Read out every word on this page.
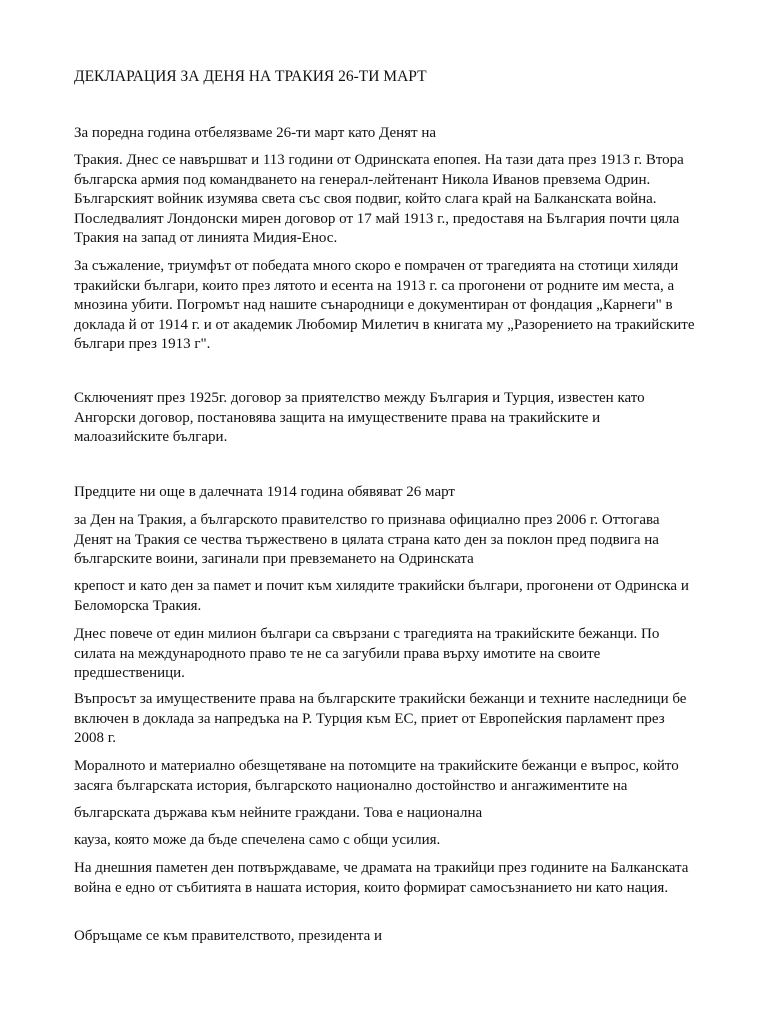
ДЕКЛАРАЦИЯ ЗА ДЕНЯ НА ТРАКИЯ 26-ТИ МАРТ

За поредна година отбелязваме 26-ти март като Денят на

Тракия. Днес се навършват и 113 години от Одринската епопея. На тази дата през 1913 г. Втора българска армия под командването на генерал-лейтенант Никола Иванов превзема Одрин. Българският войник изумява света със своя подвиг, който слага край на Балканската война. Последвалият Лондонски мирен договор от 17 май 1913 г., предоставя на България почти цяла Тракия на запад от линията Мидия-Енос.

За съжаление, триумфът от победата много скоро е помрачен от трагедията на стотици хиляди тракийски българи, които през лятото и есента на 1913 г. са прогонени от родните им места, а мнозина убити. Погромът над нашите сънародници е документиран от фондация „Карнеги" в доклада й от 1914 г. и от академик Любомир Милетич в книгата му „Разорението на тракийските българи през 1913 г".

Сключеният през 1925г. договор за приятелство между България и Турция, известен като Ангорски договор, постановява защита на имуществените права на тракийските и малоазийските българи.

Предците ни още в далечната 1914 година обявяват 26 март

за Ден на Тракия, а българското правителство го признава официално през 2006 г. Оттогава Денят на Тракия се чества тържествено в цялата страна като ден за поклон пред подвига на българските воини, загинали при превземането на Одринската

крепост и като ден за памет и почит към хилядите тракийски българи, прогонени от Одринска и Беломорска Тракия.

Днес повече от един милион българи са свързани с трагедията на тракийските бежанци. По силата на международното право те не са загубили права върху имотите на своите предшественици.

Въпросът за имуществените права на българските тракийски бежанци и техните наследници бе включен в доклада за напредъка на Р. Турция към ЕС, приет от Европейския парламент през 2008 г.

Моралното и материално обезщетяване на потомците на тракийските бежанци е въпрос, който засяга българската история, българското национално достойнство и ангажиментите на

българската държава към нейните граждани. Това е национална

кауза, която може да бъде спечелена само с общи усилия.

На днешния паметен ден потвърждаваме, че драмата на тракийци през годините на Балканската война е едно от събитията в нашата история, които формират самосъзнанието ни като нация.

Обръщаме се към правителството, президента и
